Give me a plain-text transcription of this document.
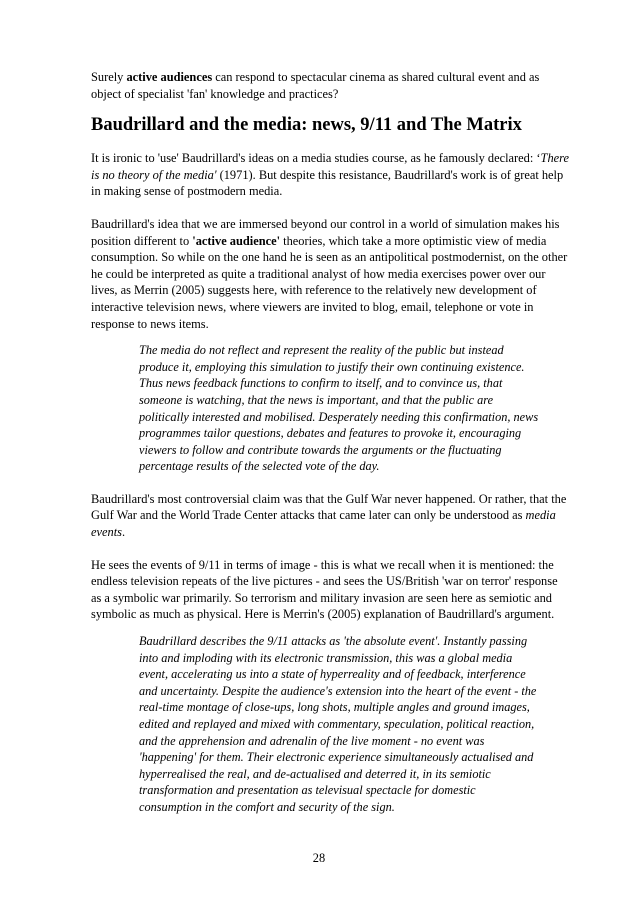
Surely active audiences can respond to spectacular cinema as shared cultural event and as object of specialist 'fan' knowledge and practices?

Baudrillard and the media: news, 9/11 and The Matrix

It is ironic to 'use' Baudrillard's ideas on a media studies course, as he famously declared: ‘There is no theory of the media' (1971). But despite this resistance, Baudrillard's work is of great help in making sense of postmodern media.

Baudrillard's idea that we are immersed beyond our control in a world of simulation makes his position different to 'active audience' theories, which take a more optimistic view of media consumption. So while on the one hand he is seen as an antipolitical postmodernist, on the other he could be interpreted as quite a traditional analyst of how media exercises power over our lives, as Merrin (2005) suggests here, with reference to the relatively new development of interactive television news, where viewers are invited to blog, email, telephone or vote in response to news items.

The media do not reflect and represent the reality of the public but instead produce it, employing this simulation to justify their own continuing existence. Thus news feedback functions to confirm to itself, and to convince us, that someone is watching, that the news is important, and that the public are politically interested and mobilised. Desperately needing this confirmation, news programmes tailor questions, debates and features to provoke it, encouraging viewers to follow and contribute towards the arguments or the fluctuating percentage results of the selected vote of the day.

Baudrillard's most controversial claim was that the Gulf War never happened. Or rather, that the Gulf War and the World Trade Center attacks that came later can only be understood as media events.

He sees the events of 9/11 in terms of image - this is what we recall when it is mentioned: the endless television repeats of the live pictures - and sees the US/British 'war on terror' response as a symbolic war primarily. So terrorism and military invasion are seen here as semiotic and symbolic as much as physical. Here is Merrin's (2005) explanation of Baudrillard's argument.

Baudrillard describes the 9/11 attacks as 'the absolute event'. Instantly passing into and imploding with its electronic transmission, this was a global media event, accelerating us into a state of hyperreality and of feedback, interference and uncertainty. Despite the audience's extension into the heart of the event - the real-time montage of close-ups, long shots, multiple angles and ground images, edited and replayed and mixed with commentary, speculation, political reaction, and the apprehension and adrenalin of the live moment - no event was 'happening' for them. Their electronic experience simultaneously actualised and hyperrealised the real, and de-actualised and deterred it, in its semiotic transformation and presentation as televisual spectacle for domestic consumption in the comfort and security of the sign.

28
